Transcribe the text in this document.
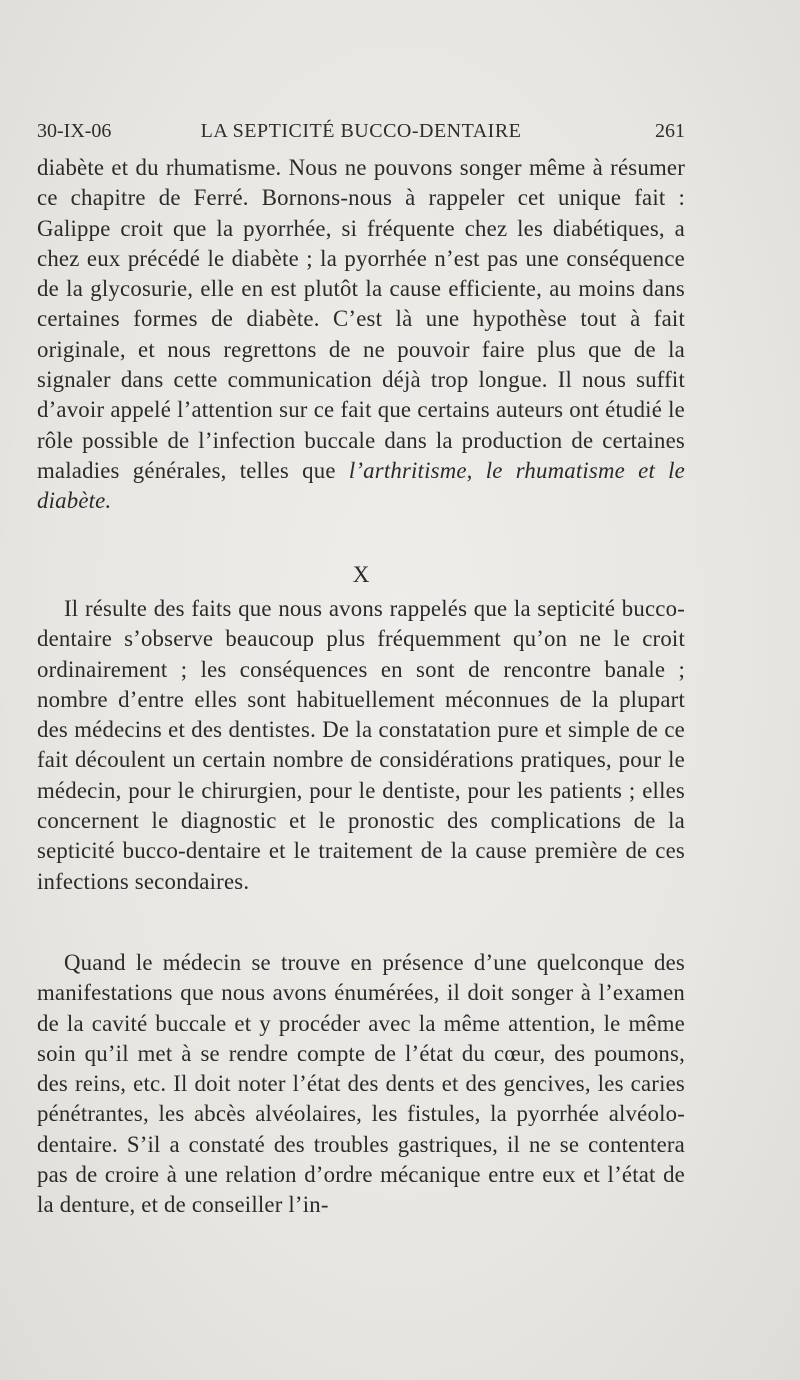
30-IX-06	LA SEPTICITÉ BUCCO-DENTAIRE	261

diabète et du rhumatisme. Nous ne pouvons songer même à résumer ce chapitre de Ferré. Bornons-nous à rappeler cet unique fait : Galippe croit que la pyorrhée, si fréquente chez les diabétiques, a chez eux précédé le diabète ; la pyorrhée n’est pas une conséquence de la glycosurie, elle en est plutôt la cause efficiente, au moins dans certaines formes de diabète. C’est là une hypothèse tout à fait originale, et nous regrettons de ne pouvoir faire plus que de la signaler dans cette communication déjà trop longue. Il nous suffit d’avoir appelé l’attention sur ce fait que certains auteurs ont étudié le rôle possible de l’infection buccale dans la production de certaines maladies générales, telles que l’arthritisme, le rhumatisme et le diabète.

X

Il résulte des faits que nous avons rappelés que la septicité bucco-dentaire s’observe beaucoup plus fréquemment qu’on ne le croit ordinairement ; les conséquences en sont de rencontre banale ; nombre d’entre elles sont habituellement méconnues de la plupart des médecins et des dentistes. De la constatation pure et simple de ce fait découlent un certain nombre de considérations pratiques, pour le médecin, pour le chirurgien, pour le dentiste, pour les patients ; elles concernent le diagnostic et le pronostic des complications de la septicité bucco-dentaire et le traitement de la cause première de ces infections secondaires.

Quand le médecin se trouve en présence d’une quelconque des manifestations que nous avons énumérées, il doit songer à l’examen de la cavité buccale et y procéder avec la même attention, le même soin qu’il met à se rendre compte de l’état du cœur, des poumons, des reins, etc. Il doit noter l’état des dents et des gencives, les caries pénétrantes, les abcès alvéolaires, les fistules, la pyorrhée alvéolo-dentaire. S’il a constaté des troubles gastriques, il ne se contentera pas de croire à une relation d’ordre mécanique entre eux et l’état de la denture, et de conseiller l’in-
